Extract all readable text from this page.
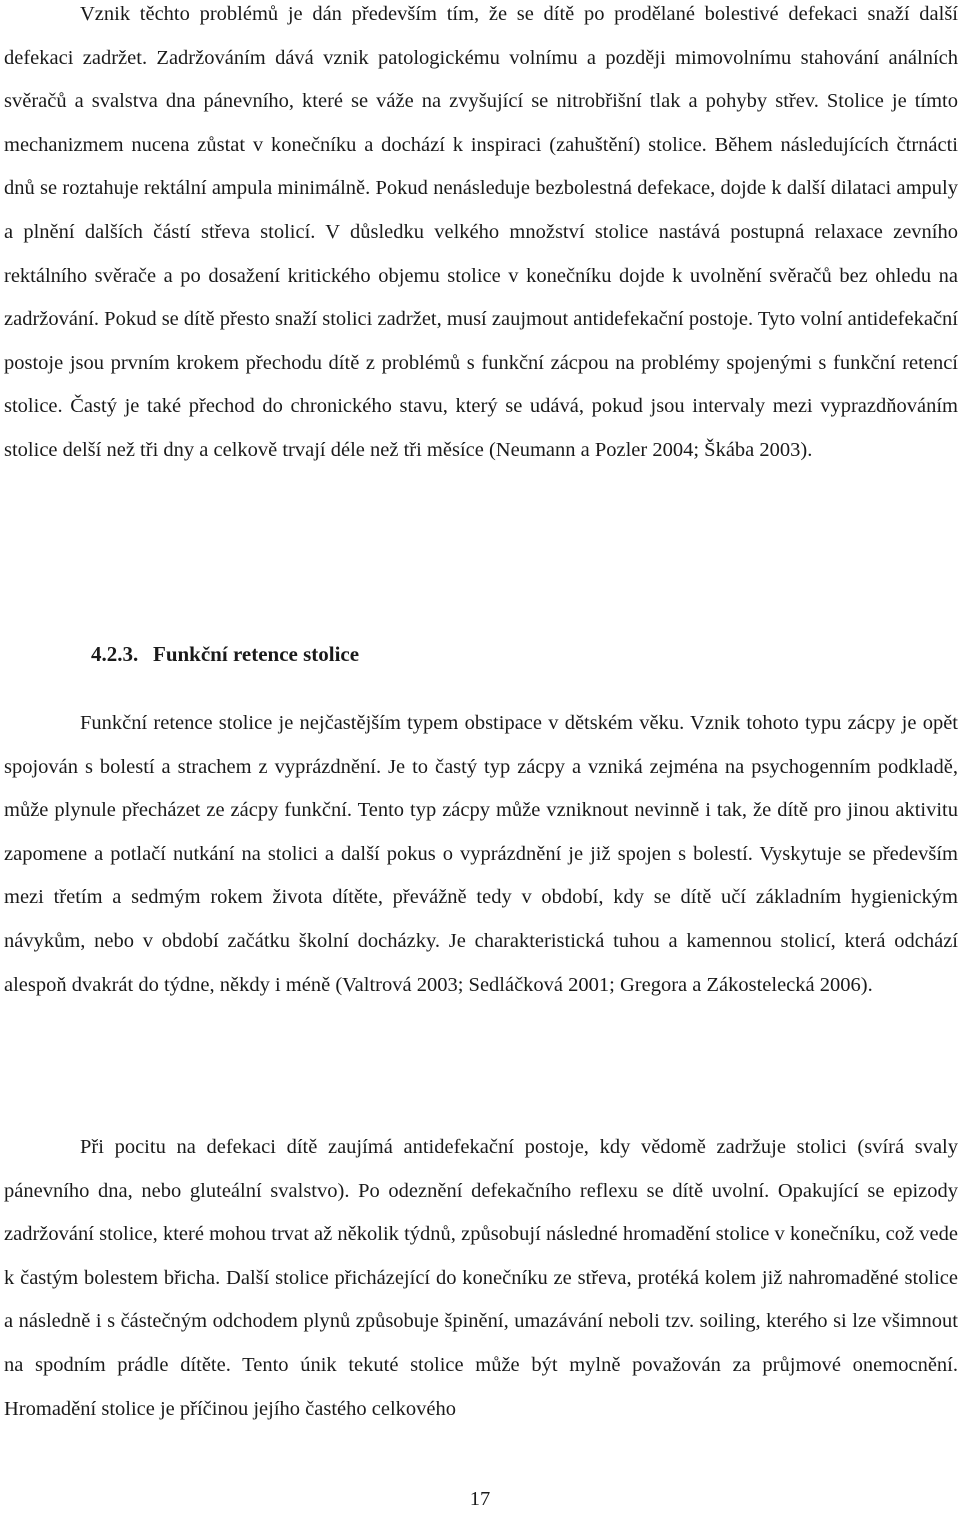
Vznik těchto problémů je dán především tím, že se dítě po prodělané bolestivé defekaci snaží další defekaci zadržet. Zadržováním dává vznik patologickému volnímu a později mimovolnímu stahování análních svěračů a svalstva dna pánevního, které se váže na zvyšující se nitrobřišní tlak a pohyby střev. Stolice je tímto mechanizmem nucena zůstat v konečníku a dochází k inspiraci (zahuštění) stolice. Během následujících čtrnácti dnů se roztahuje rektální ampula minimálně. Pokud nenásleduje bezbolestná defekace, dojde k další dilataci ampuly a plnění dalších částí střeva stolicí. V důsledku velkého množství stolice nastává postupná relaxace zevního rektálního svěrače a po dosažení kritického objemu stolice v konečníku dojde k uvolnění svěračů bez ohledu na zadržování. Pokud se dítě přesto snaží stolici zadržet, musí zaujmout antidefekační postoje. Tyto volní antidefekační postoje jsou prvním krokem přechodu dítě z problémů s funkční zácpou na problémy spojenými s funkční retencí stolice. Častý je také přechod do chronického stavu, který se udává, pokud jsou intervaly mezi vyprazdňováním stolice delší než tři dny a celkově trvají déle než tři měsíce (Neumann a Pozler 2004; Škába 2003).

4.2.3. Funkční retence stolice

Funkční retence stolice je nejčastějším typem obstipace v dětském věku. Vznik tohoto typu zácpy je opět spojován s bolestí a strachem z vyprázdnění. Je to častý typ zácpy a vzniká zejména na psychogenním podkladě, může plynule přecházet ze zácpy funkční. Tento typ zácpy může vzniknout nevinně i tak, že dítě pro jinou aktivitu zapomene a potlačí nutkání na stolici a další pokus o vyprázdnění je již spojen s bolestí. Vyskytuje se především mezi třetím a sedmým rokem života dítěte, převážně tedy v období, kdy se dítě učí základním hygienickým návykům, nebo v období začátku školní docházky. Je charakteristická tuhou a kamennou stolicí, která odchází alespoň dvakrát do týdne, někdy i méně (Valtrová 2003; Sedláčková 2001; Gregora a Zákostelecká 2006).

Při pocitu na defekaci dítě zaujímá antidefekační postoje, kdy vědomě zadržuje stolici (svírá svaly pánevního dna, nebo gluteální svalstvo). Po odeznění defekačního reflexu se dítě uvolní. Opakující se epizody zadržování stolice, které mohou trvat až několik týdnů, způsobují následné hromadění stolice v konečníku, což vede k častým bolestem břicha. Další stolice přicházející do konečníku ze střeva, protéká kolem již nahromaděné stolice a následně i s částečným odchodem plynů způsobuje špinění, umazávání neboli tzv. soiling, kterého si lze všimnout na spodním prádle dítěte. Tento únik tekuté stolice může být mylně považován za průjmové onemocnění. Hromadění stolice je příčinou jejího častého celkového

17
